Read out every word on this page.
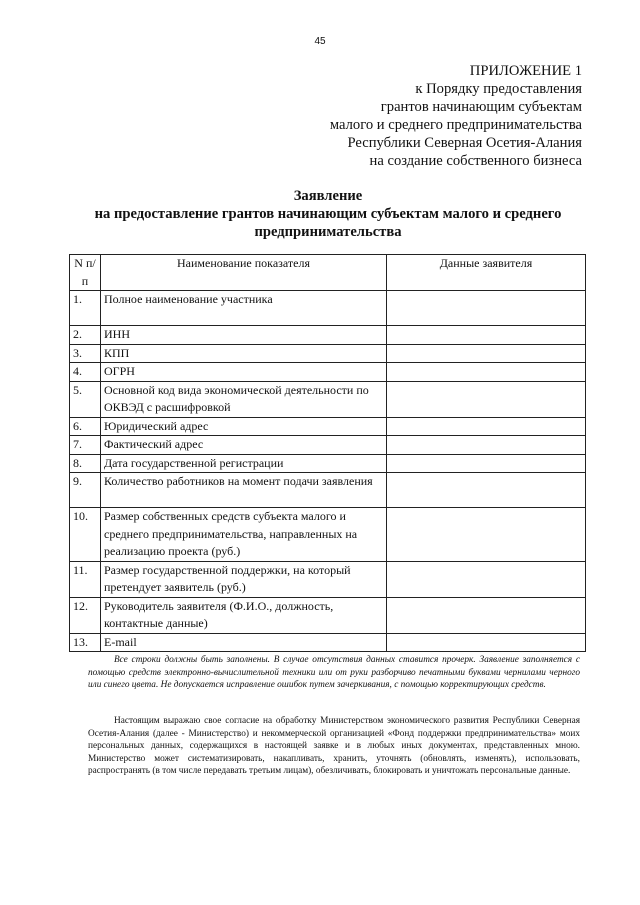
45
ПРИЛОЖЕНИЕ 1
к Порядку предоставления
грантов начинающим субъектам
малого и среднего предпринимательства
Республики Северная Осетия-Алания
на создание собственного бизнеса
Заявление
на предоставление грантов начинающим субъектам малого и среднего
предпринимательства
N п/п	Наименование показателя	Данные заявителя
1.	Полное наименование участника	
2.	ИНН	
3.	КПП	
4.	ОГРН	
5.	Основной код вида экономической деятельности по ОКВЭД с расшифровкой	
6.	Юридический адрес	
7.	Фактический адрес	
8.	Дата государственной регистрации	
9.	Количество работников на момент подачи заявления	
10.	Размер собственных средств субъекта малого и среднего предпринимательства, направленных на реализацию проекта (руб.)	
11.	Размер государственной поддержки, на который претендует заявитель (руб.)	
12.	Руководитель заявителя (Ф.И.О., должность, контактные данные)	
13.	E-mail	
Все строки должны быть заполнены. В случае отсутствия данных ставится прочерк. Заявление заполняется с помощью средств электронно-вычислительной техники или от руки разборчиво печатными буквами чернилами черного или синего цвета. Не допускается исправление ошибок путем зачеркивания, с помощью корректирующих средств.
Настоящим выражаю свое согласие на обработку Министерством экономического развития Республики Северная Осетия-Алания (далее - Министерство) и некоммерческой организацией «Фонд поддержки предпринимательства» моих персональных данных, содержащихся в настоящей заявке и в любых иных документах, представленных мною. Министерство может систематизировать, накапливать, хранить, уточнять (обновлять, изменять), использовать, распространять (в том числе передавать третьим лицам), обезличивать, блокировать и уничтожать персональные данные.
